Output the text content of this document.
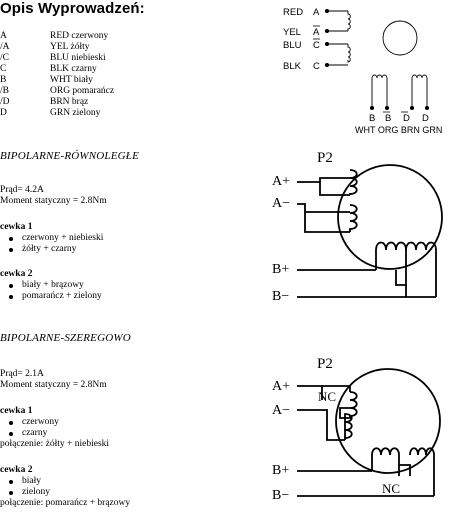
Opis Wyprowadzeń:
A	RED czerwony
/A	YEL żółty
/C	BLU niebieski
C	BLK czarny
B	WHT biały
/B	ORG pomarańcz
/D	BRN brąz
D	GRN zielony
RED
YEL
BLU
BLK
A
A
C
C
B B D D
WHT ORG BRN GRN
BIPOLARNE-RÓWNOLEGŁE
Prąd= 4.2A
Moment statyczny = 2.8Nm
cewka 1
czerwony + niebieski
żółty + czarny
cewka 2
biały + brązowy
pomarańcz + zielony
P2
A+
A−
B+
B−
BIPOLARNE-SZEREGOWO
Prąd= 2.1A
Moment statyczny = 2.8Nm
cewka 1
czerwony
czarny
połączenie: żółty + niebieski
cewka 2
biały
zielony
połączenie: pomarańcz + brązowy
P2
A+
A−
B+
B−
NC
NC
